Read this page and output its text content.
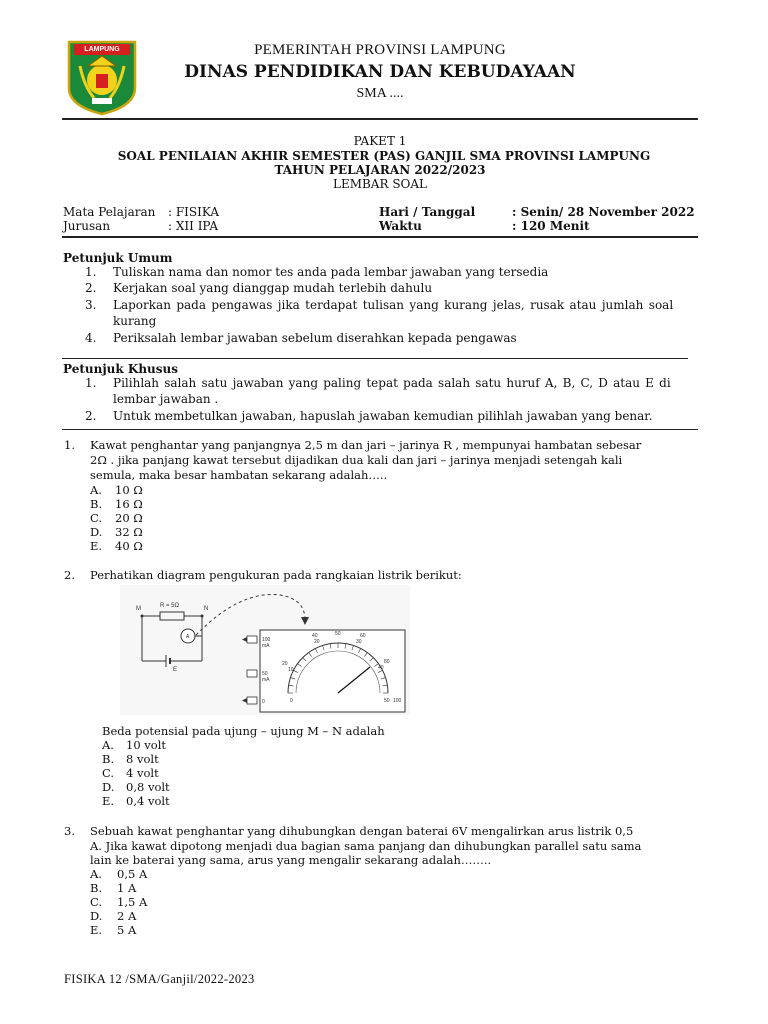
LAMPUNG	PEMERINTAH PROVINSI LAMPUNG
DINAS PENDIDIKAN DAN KEBUDAYAAN
SMA ....
PAKET 1
SOAL PENILAIAN AKHIR SEMESTER (PAS) GANJIL SMA PROVINSI LAMPUNG
TAHUN PELAJARAN 2022/2023
LEMBAR SOAL
Mata Pelajaran : FISIKA	Hari / Tanggal	: Senin/ 28 November 2022
Jurusan	: XII IPA	Waktu	: 120 Menit
Petunjuk Umum
1. Tuliskan nama dan nomor tes anda pada lembar jawaban yang tersedia
2. Kerjakan soal yang dianggap mudah terlebih dahulu
3. Laporkan pada pengawas jika terdapat tulisan yang kurang jelas, rusak atau jumlah soal
kurang
4. Periksalah lembar jawaban sebelum diserahkan kepada pengawas
Petunjuk Khusus
1. Pilihlah salah satu jawaban yang paling tepat pada salah satu huruf A, B, C, D atau E di
lembar jawaban .
2. Untuk membetulkan jawaban, hapuslah jawaban kemudian pilihlah jawaban yang benar.
1. Kawat penghantar yang panjangnya 2,5 m dan jari – jarinya R , mempunyai hambatan sebesar
2Ω . jika panjang kawat tersebut dijadikan dua kali dan jari – jarinya menjadi setengah kali
semula, maka besar hambatan sekarang adalah…..
A. 10 Ω
B. 16 Ω
C. 20 Ω
D. 32 Ω
E. 40 Ω
2. Perhatikan diagram pengukuran pada rangkaian listrik berikut:
R = 5Ω
M	N
A
E
100
mA
50
mA
0
40	50	60
20	30
20
10
80
40
0	50 100
Beda potensial pada ujung – ujung M – N adalah
A. 10 volt
B. 8 volt
C. 4 volt
D. 0,8 volt
E. 0,4 volt
3. Sebuah kawat penghantar yang dihubungkan dengan baterai 6V mengalirkan arus listrik 0,5
A. Jika kawat dipotong menjadi dua bagian sama panjang dan dihubungkan parallel satu sama
lain ke baterai yang sama, arus yang mengalir sekarang adalah……..
A. 0,5 A
B. 1 A
C. 1,5 A
D. 2 A
E. 5 A
FISIKA 12 /SMA/Ganjil/2022-2023
